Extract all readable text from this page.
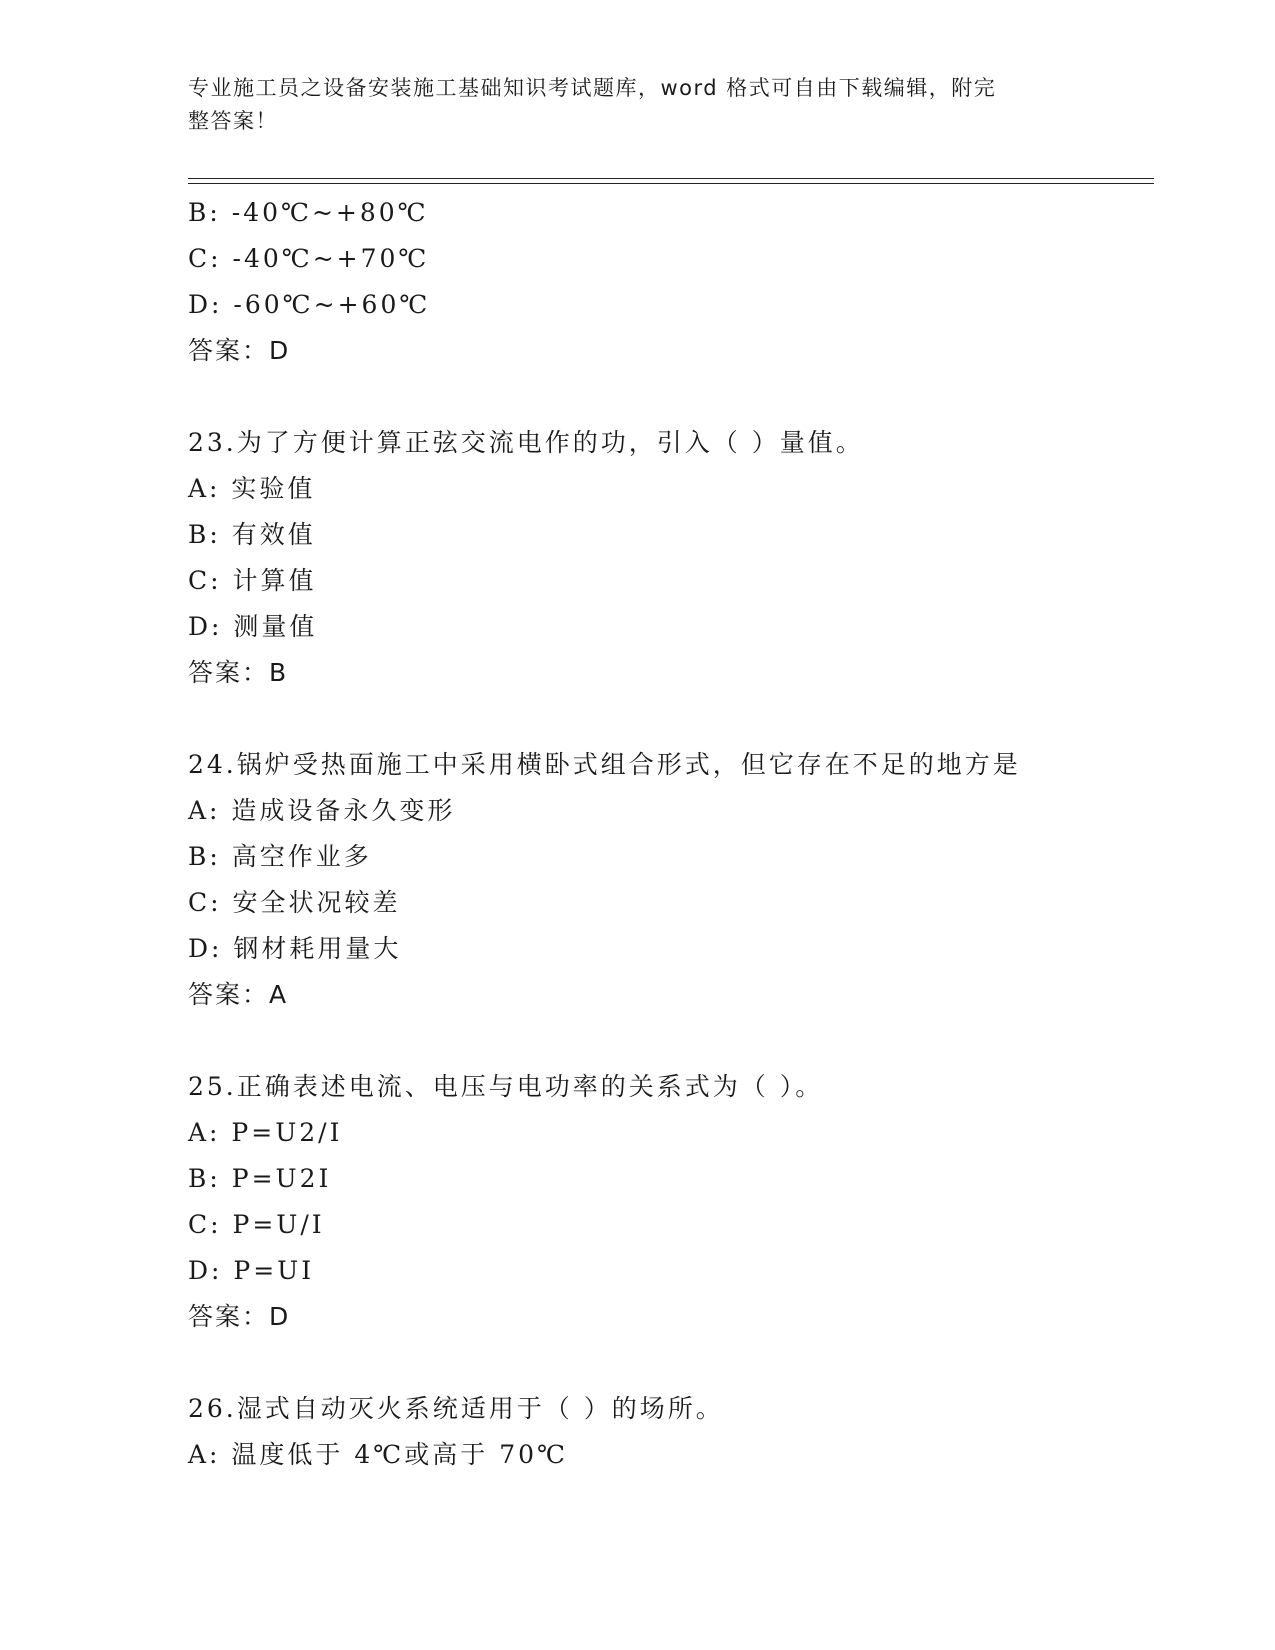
专业施工员之设备安装施工基础知识考试题库，word 格式可自由下载编辑，附完
整答案！
B: -40℃~+80℃
C: -40℃~+70℃
D: -60℃~+60℃
答案：D
23.为了方便计算正弦交流电作的功，引入（ ）量值。
A: 实验值
B: 有效值
C: 计算值
D: 测量值
答案：B
24.锅炉受热面施工中采用横卧式组合形式，但它存在不足的地方是
A: 造成设备永久变形
B: 高空作业多
C: 安全状况较差
D: 钢材耗用量大
答案：A
25.正确表述电流、电压与电功率的关系式为（ ）。
A: P=U2/I
B: P=U2I
C: P=U/I
D: P=UI
答案：D
26.湿式自动灭火系统适用于（ ）的场所。
A: 温度低于 4℃或高于 70℃
